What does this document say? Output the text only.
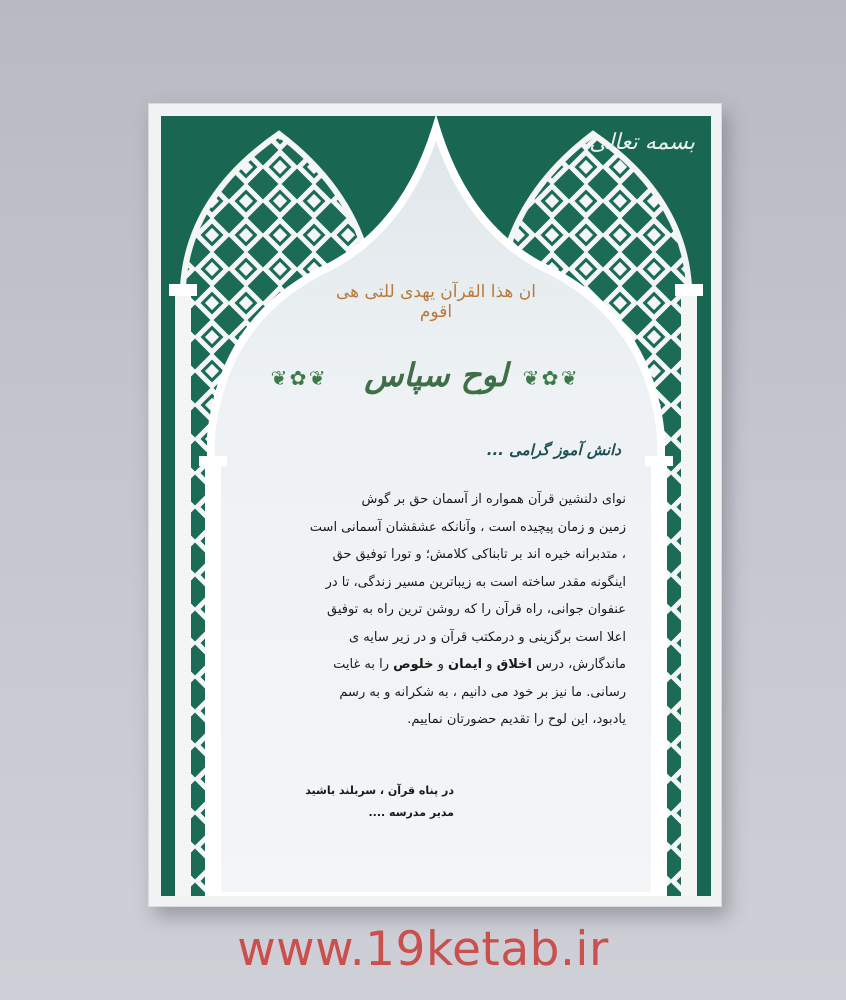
بسمه تعالی
ان هذا القرآن یهدی للتی هی اقوم
❦ ✿ ❦	لوح سپاس ❦ ✿ ❦
دانش آموز گرامی ...
نوای دلنشین قرآن همواره از آسمان حق بر گوش
زمین و زمان پیچیده است ، وآنانکه عشقشان آسمانی است
، متدبرانه خیره اند بر تابناکی کلامش؛ و تورا توفیق حق
اینگونه مقدر ساخته است به زیباترین مسیر زندگی، تا در
عنفوان جوانی، راه قرآن را که روشن ترین راه به توفیق
اعلا است برگزینی و درمکتب قرآن و در زیر سایه ی
ماندگارش، درس اخلاق و ایمان و خلوص را به غایت
رسانی. ما نیز بر خود می دانیم ، به شکرانه و به رسم
یادبود، این لوح را تقدیم حضورتان نماییم.
در پناه قرآن ، سربلند باشید
مدیر مدرسه ....
www.19ketab.ir
